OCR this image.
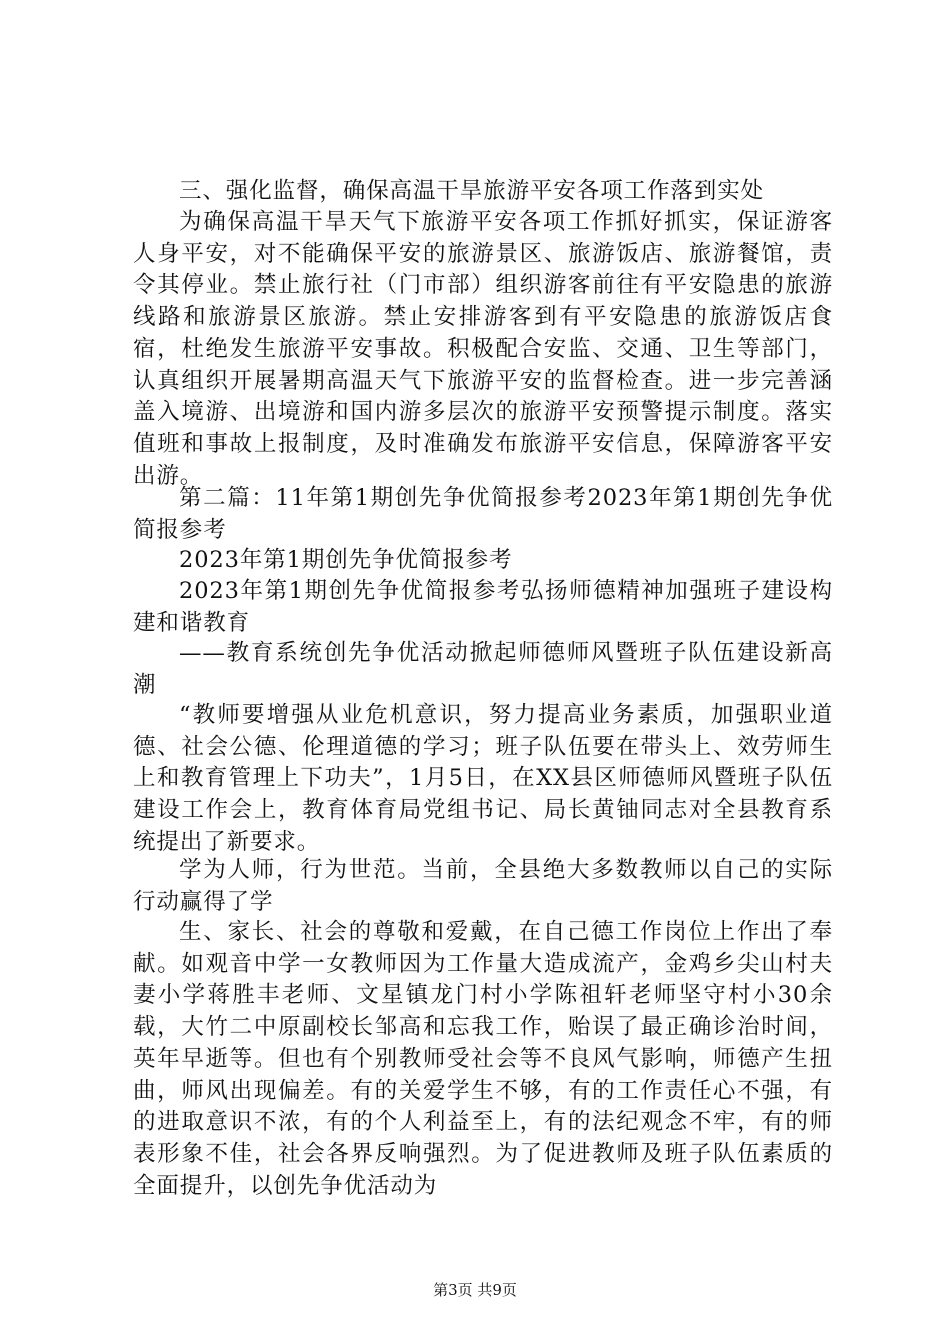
三、强化监督，确保高温干旱旅游平安各项工作落到实处

为确保高温干旱天气下旅游平安各项工作抓好抓实，保证游客人身平安，对不能确保平安的旅游景区、旅游饭店、旅游餐馆，责令其停业。禁止旅行社（门市部）组织游客前往有平安隐患的旅游线路和旅游景区旅游。禁止安排游客到有平安隐患的旅游饭店食宿，杜绝发生旅游平安事故。积极配合安监、交通、卫生等部门，认真组织开展暑期高温天气下旅游平安的监督检查。进一步完善涵盖入境游、出境游和国内游多层次的旅游平安预警提示制度。落实值班和事故上报制度，及时准确发布旅游平安信息，保障游客平安出游。

第二篇：11年第1期创先争优简报参考2023年第1期创先争优简报参考

2023年第1期创先争优简报参考

2023年第1期创先争优简报参考弘扬师德精神加强班子建设构建和谐教育

——教育系统创先争优活动掀起师德师风暨班子队伍建设新高潮

“教师要增强从业危机意识，努力提高业务素质，加强职业道德、社会公德、伦理道德的学习；班子队伍要在带头上、效劳师生上和教育管理上下功夫”，1月5日，在XX县区师德师风暨班子队伍建设工作会上，教育体育局党组书记、局长黄铀同志对全县教育系统提出了新要求。

学为人师，行为世范。当前，全县绝大多数教师以自己的实际行动赢得了学

生、家长、社会的尊敬和爱戴，在自己德工作岗位上作出了奉献。如观音中学一女教师因为工作量大造成流产，金鸡乡尖山村夫妻小学蒋胜丰老师、文星镇龙门村小学陈祖轩老师坚守村小30余载，大竹二中原副校长邹高和忘我工作，贻误了最正确诊治时间，英年早逝等。但也有个别教师受社会等不良风气影响，师德产生扭曲，师风出现偏差。有的关爱学生不够，有的工作责任心不强，有的进取意识不浓，有的个人利益至上，有的法纪观念不牢，有的师表形象不佳，社会各界反响强烈。为了促进教师及班子队伍素质的全面提升，以创先争优活动为

第3页 共9页
